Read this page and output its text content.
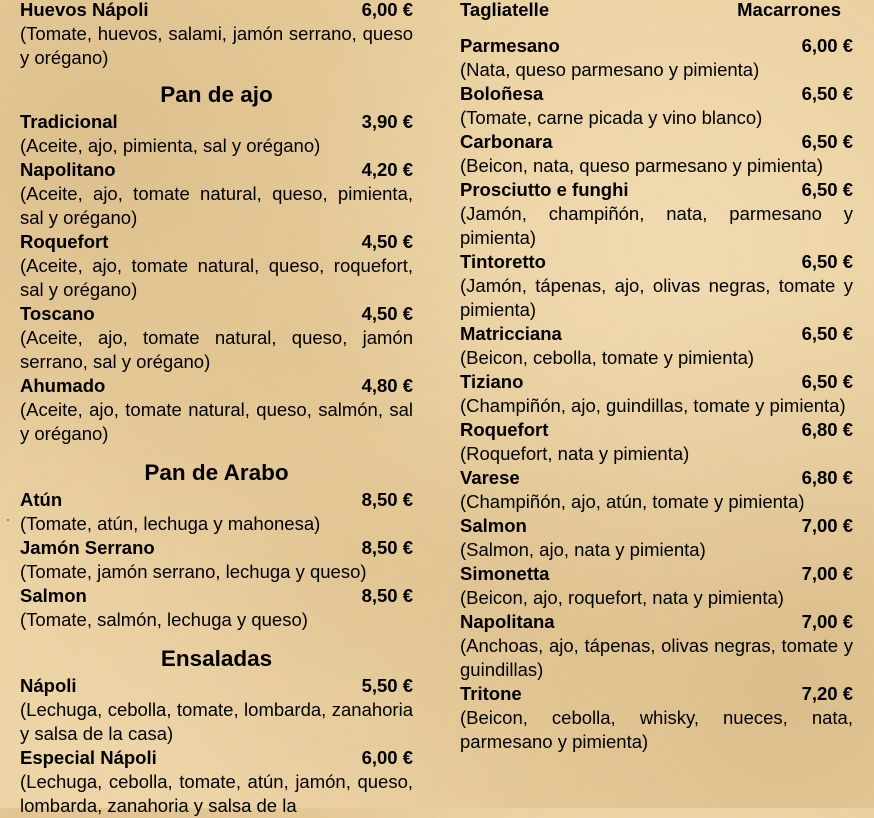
Huevos Nápoli	6,00 €
(Tomate, huevos, salami, jamón serrano, queso y orégano)
Pan de ajo
Tradicional	3,90 €
(Aceite, ajo, pimienta, sal y orégano)
Napolitano	4,20 €
(Aceite, ajo, tomate natural, queso, pimienta, sal y orégano)
Roquefort	4,50 €
(Aceite, ajo, tomate natural, queso, roquefort, sal y orégano)
Toscano	4,50 €
(Aceite, ajo, tomate natural, queso, jamón serrano, sal y orégano)
Ahumado	4,80 €
(Aceite, ajo, tomate natural, queso, salmón, sal y orégano)
Pan de Arabo
Atún	8,50 €
(Tomate, atún, lechuga y mahonesa)
Jamón Serrano	8,50 €
(Tomate, jamón serrano, lechuga y queso)
Salmon	8,50 €
(Tomate, salmón, lechuga y queso)
Ensaladas
Nápoli	5,50 €
(Lechuga, cebolla, tomate, lombarda, zanahoria y salsa de la casa)
Especial Nápoli	6,00 €
(Lechuga, cebolla, tomate, atún, jamón, queso, lombarda, zanahoria y salsa de la
Tagliatelle	Macarrones
Parmesano	6,00 €
(Nata, queso parmesano y pimienta)
Boloñesa	6,50 €
(Tomate, carne picada y vino blanco)
Carbonara	6,50 €
(Beicon, nata, queso parmesano y pimienta)
Prosciutto e funghi	6,50 €
(Jamón, champiñón, nata, parmesano y pimienta)
Tintoretto	6,50 €
(Jamón, tápenas, ajo, olivas negras, tomate y pimienta)
Matricciana	6,50 €
(Beicon, cebolla, tomate y pimienta)
Tiziano	6,50 €
(Champiñón, ajo, guindillas, tomate y pimienta)
Roquefort	6,80 €
(Roquefort, nata y pimienta)
Varese	6,80 €
(Champiñón, ajo, atún, tomate y pimienta)
Salmon	7,00 €
(Salmon, ajo, nata y pimienta)
Simonetta	7,00 €
(Beicon, ajo, roquefort, nata y pimienta)
Napolitana	7,00 €
(Anchoas, ajo, tápenas, olivas negras, tomate y guindillas)
Tritone	7,20 €
(Beicon, cebolla, whisky, nueces, nata, parmesano y pimienta)
